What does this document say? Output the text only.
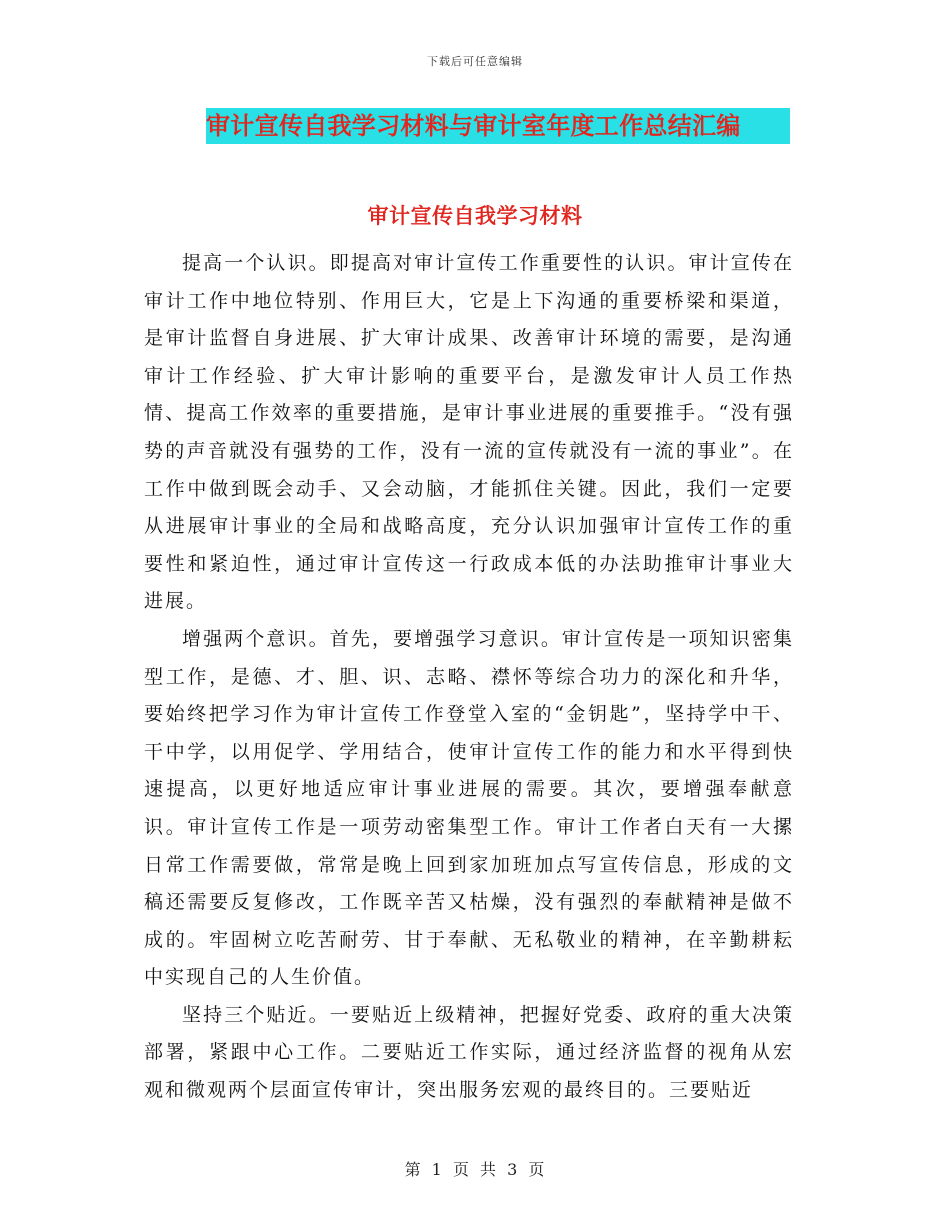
下载后可任意编辑
审计宣传自我学习材料与审计室年度工作总结汇编
审计宣传自我学习材料

提高一个认识。即提高对审计宣传工作重要性的认识。审计宣传在审计工作中地位特别、作用巨大，它是上下沟通的重要桥梁和渠道，是审计监督自身进展、扩大审计成果、改善审计环境的需要，是沟通审计工作经验、扩大审计影响的重要平台，是激发审计人员工作热情、提高工作效率的重要措施，是审计事业进展的重要推手。“没有强势的声音就没有强势的工作，没有一流的宣传就没有一流的事业”。在工作中做到既会动手、又会动脑，才能抓住关键。因此，我们一定要从进展审计事业的全局和战略高度，充分认识加强审计宣传工作的重要性和紧迫性，通过审计宣传这一行政成本低的办法助推审计事业大进展。

增强两个意识。首先，要增强学习意识。审计宣传是一项知识密集型工作，是德、才、胆、识、志略、襟怀等综合功力的深化和升华，要始终把学习作为审计宣传工作登堂入室的“金钥匙”，坚持学中干、干中学，以用促学、学用结合，使审计宣传工作的能力和水平得到快速提高，以更好地适应审计事业进展的需要。其次，要增强奉献意识。审计宣传工作是一项劳动密集型工作。审计工作者白天有一大摞日常工作需要做，常常是晚上回到家加班加点写宣传信息，形成的文稿还需要反复修改，工作既辛苦又枯燥，没有强烈的奉献精神是做不成的。牢固树立吃苦耐劳、甘于奉献、无私敬业的精神，在辛勤耕耘中实现自己的人生价值。

坚持三个贴近。一要贴近上级精神，把握好党委、政府的重大决策部署，紧跟中心工作。二要贴近工作实际，通过经济监督的视角从宏观和微观两个层面宣传审计，突出服务宏观的最终目的。三要贴近

第 1 页 共 3 页
